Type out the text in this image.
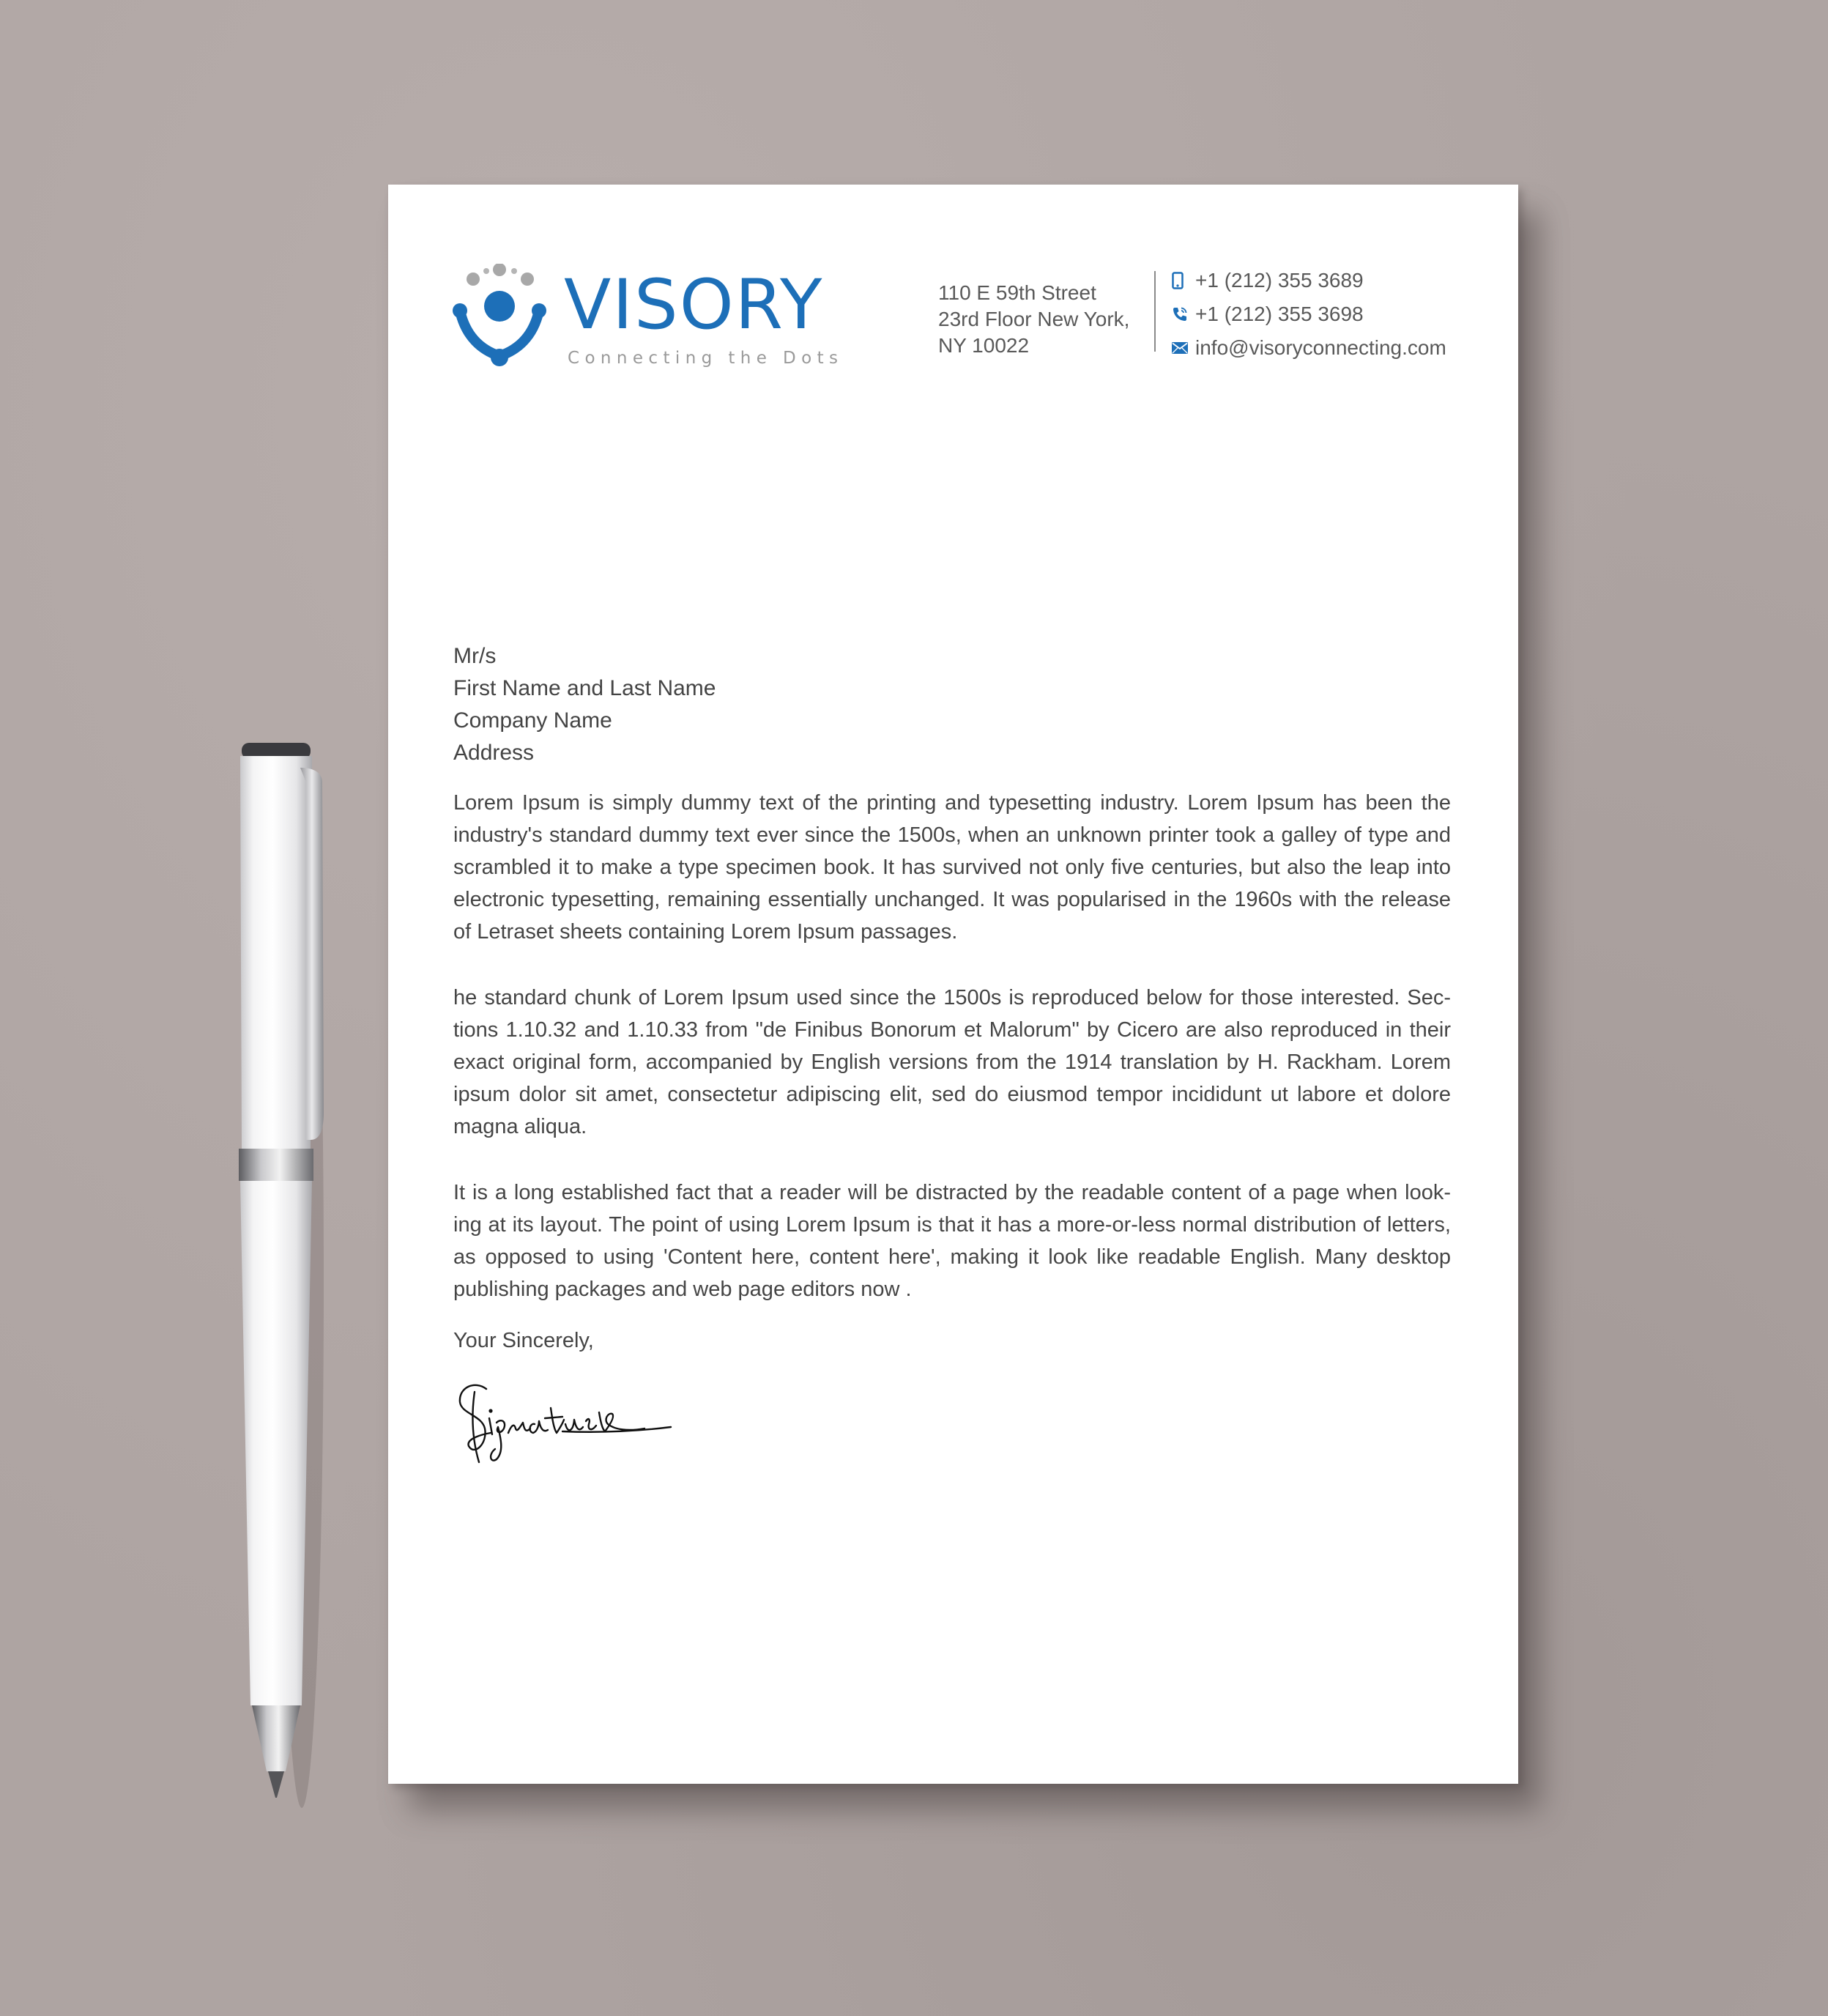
VISORY

Connecting the Dots

110 E 59th Street
23rd Floor New York,
NY 10022
+1 (212) 355 3689
+1 (212) 355 3698
info@visoryconnecting.com
Mr/s
First Name and Last Name
Company Name
Address

Lorem Ipsum is simply dummy text of the printing and typesetting industry. Lorem Ipsum has been the industry's standard dummy text ever since the 1500s, when an unknown printer took a galley of type and scrambled it to make a type specimen book. It has survived not only five centuries, but also the leap into electronic typesetting, remaining essentially unchanged. It was popularised in the 1960s with the release of Letraset sheets containing Lorem Ipsum passages.

he standard chunk of Lorem Ipsum used since the 1500s is reproduced below for those interested. Sec-tions 1.10.32 and 1.10.33 from "de Finibus Bonorum et Malorum" by Cicero are also reproduced in their exact original form, accompanied by English versions from the 1914 translation by H. Rackham. Lorem ipsum dolor sit amet, consectetur adipiscing elit, sed do eiusmod tempor incididunt ut labore et dolore magna aliqua.

It is a long established fact that a reader will be distracted by the readable content of a page when look-ing at its layout. The point of using Lorem Ipsum is that it has a more-or-less normal distribution of letters, as opposed to using 'Content here, content here', making it look like readable English. Many desktop publishing packages and web page editors now .

Your Sincerely,
